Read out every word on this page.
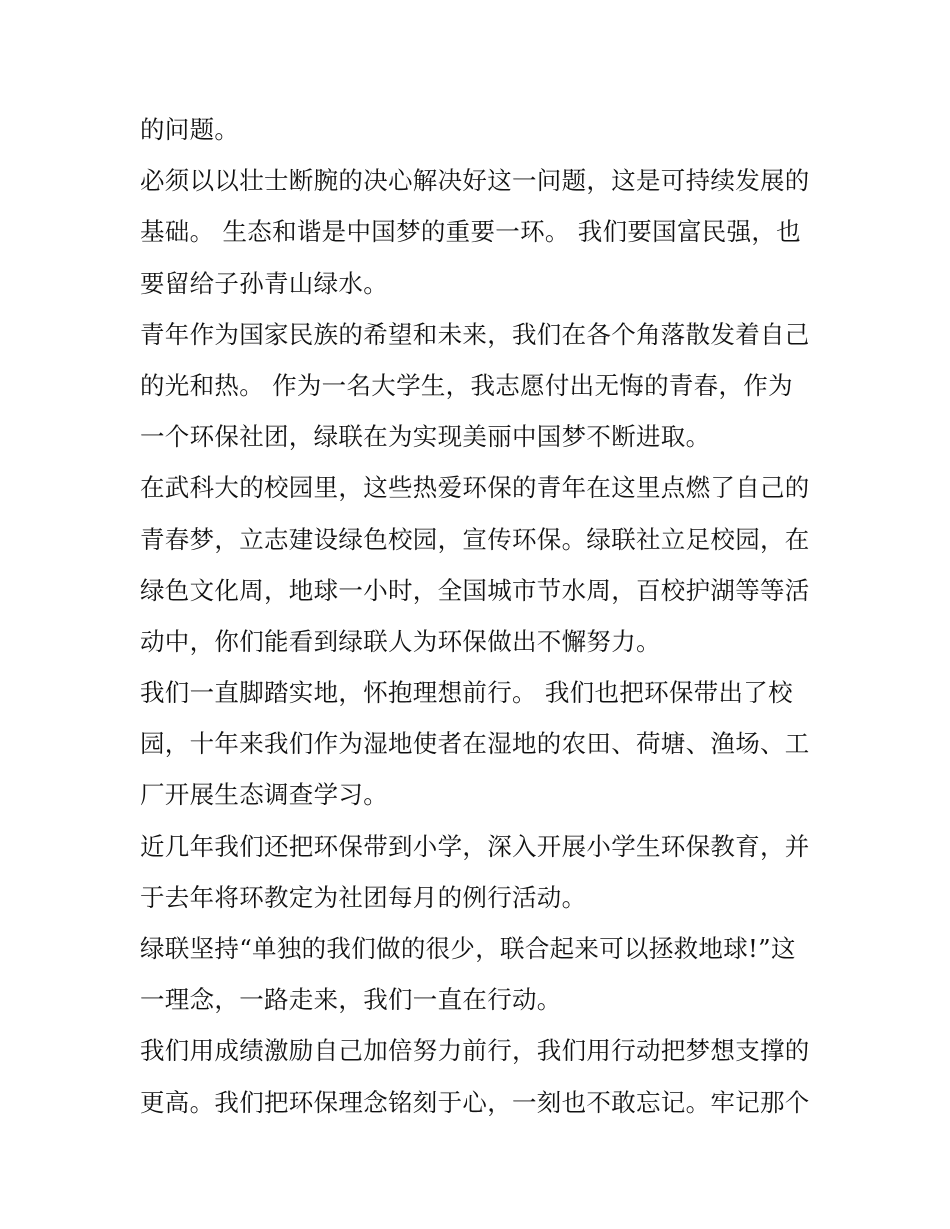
的问题。
必须以以壮士断腕的决心解决好这一问题，这是可持续发展的
基础。 生态和谐是中国梦的重要一环。 我们要国富民强，也
要留给子孙青山绿水。
青年作为国家民族的希望和未来，我们在各个角落散发着自己
的光和热。 作为一名大学生，我志愿付出无悔的青春，作为
一个环保社团，绿联在为实现美丽中国梦不断进取。
在武科大的校园里，这些热爱环保的青年在这里点燃了自己的
青春梦，立志建设绿色校园，宣传环保。绿联社立足校园，在
绿色文化周，地球一小时，全国城市节水周，百校护湖等等活
动中，你们能看到绿联人为环保做出不懈努力。
我们一直脚踏实地，怀抱理想前行。 我们也把环保带出了校
园，十年来我们作为湿地使者在湿地的农田、荷塘、渔场、工
厂开展生态调查学习。
近几年我们还把环保带到小学，深入开展小学生环保教育，并
于去年将环教定为社团每月的例行活动。
绿联坚持“单独的我们做的很少，联合起来可以拯救地球!”这
一理念，一路走来，我们一直在行动。
我们用成绩激励自己加倍努力前行，我们用行动把梦想支撑的
更高。我们把环保理念铭刻于心，一刻也不敢忘记。牢记那个
